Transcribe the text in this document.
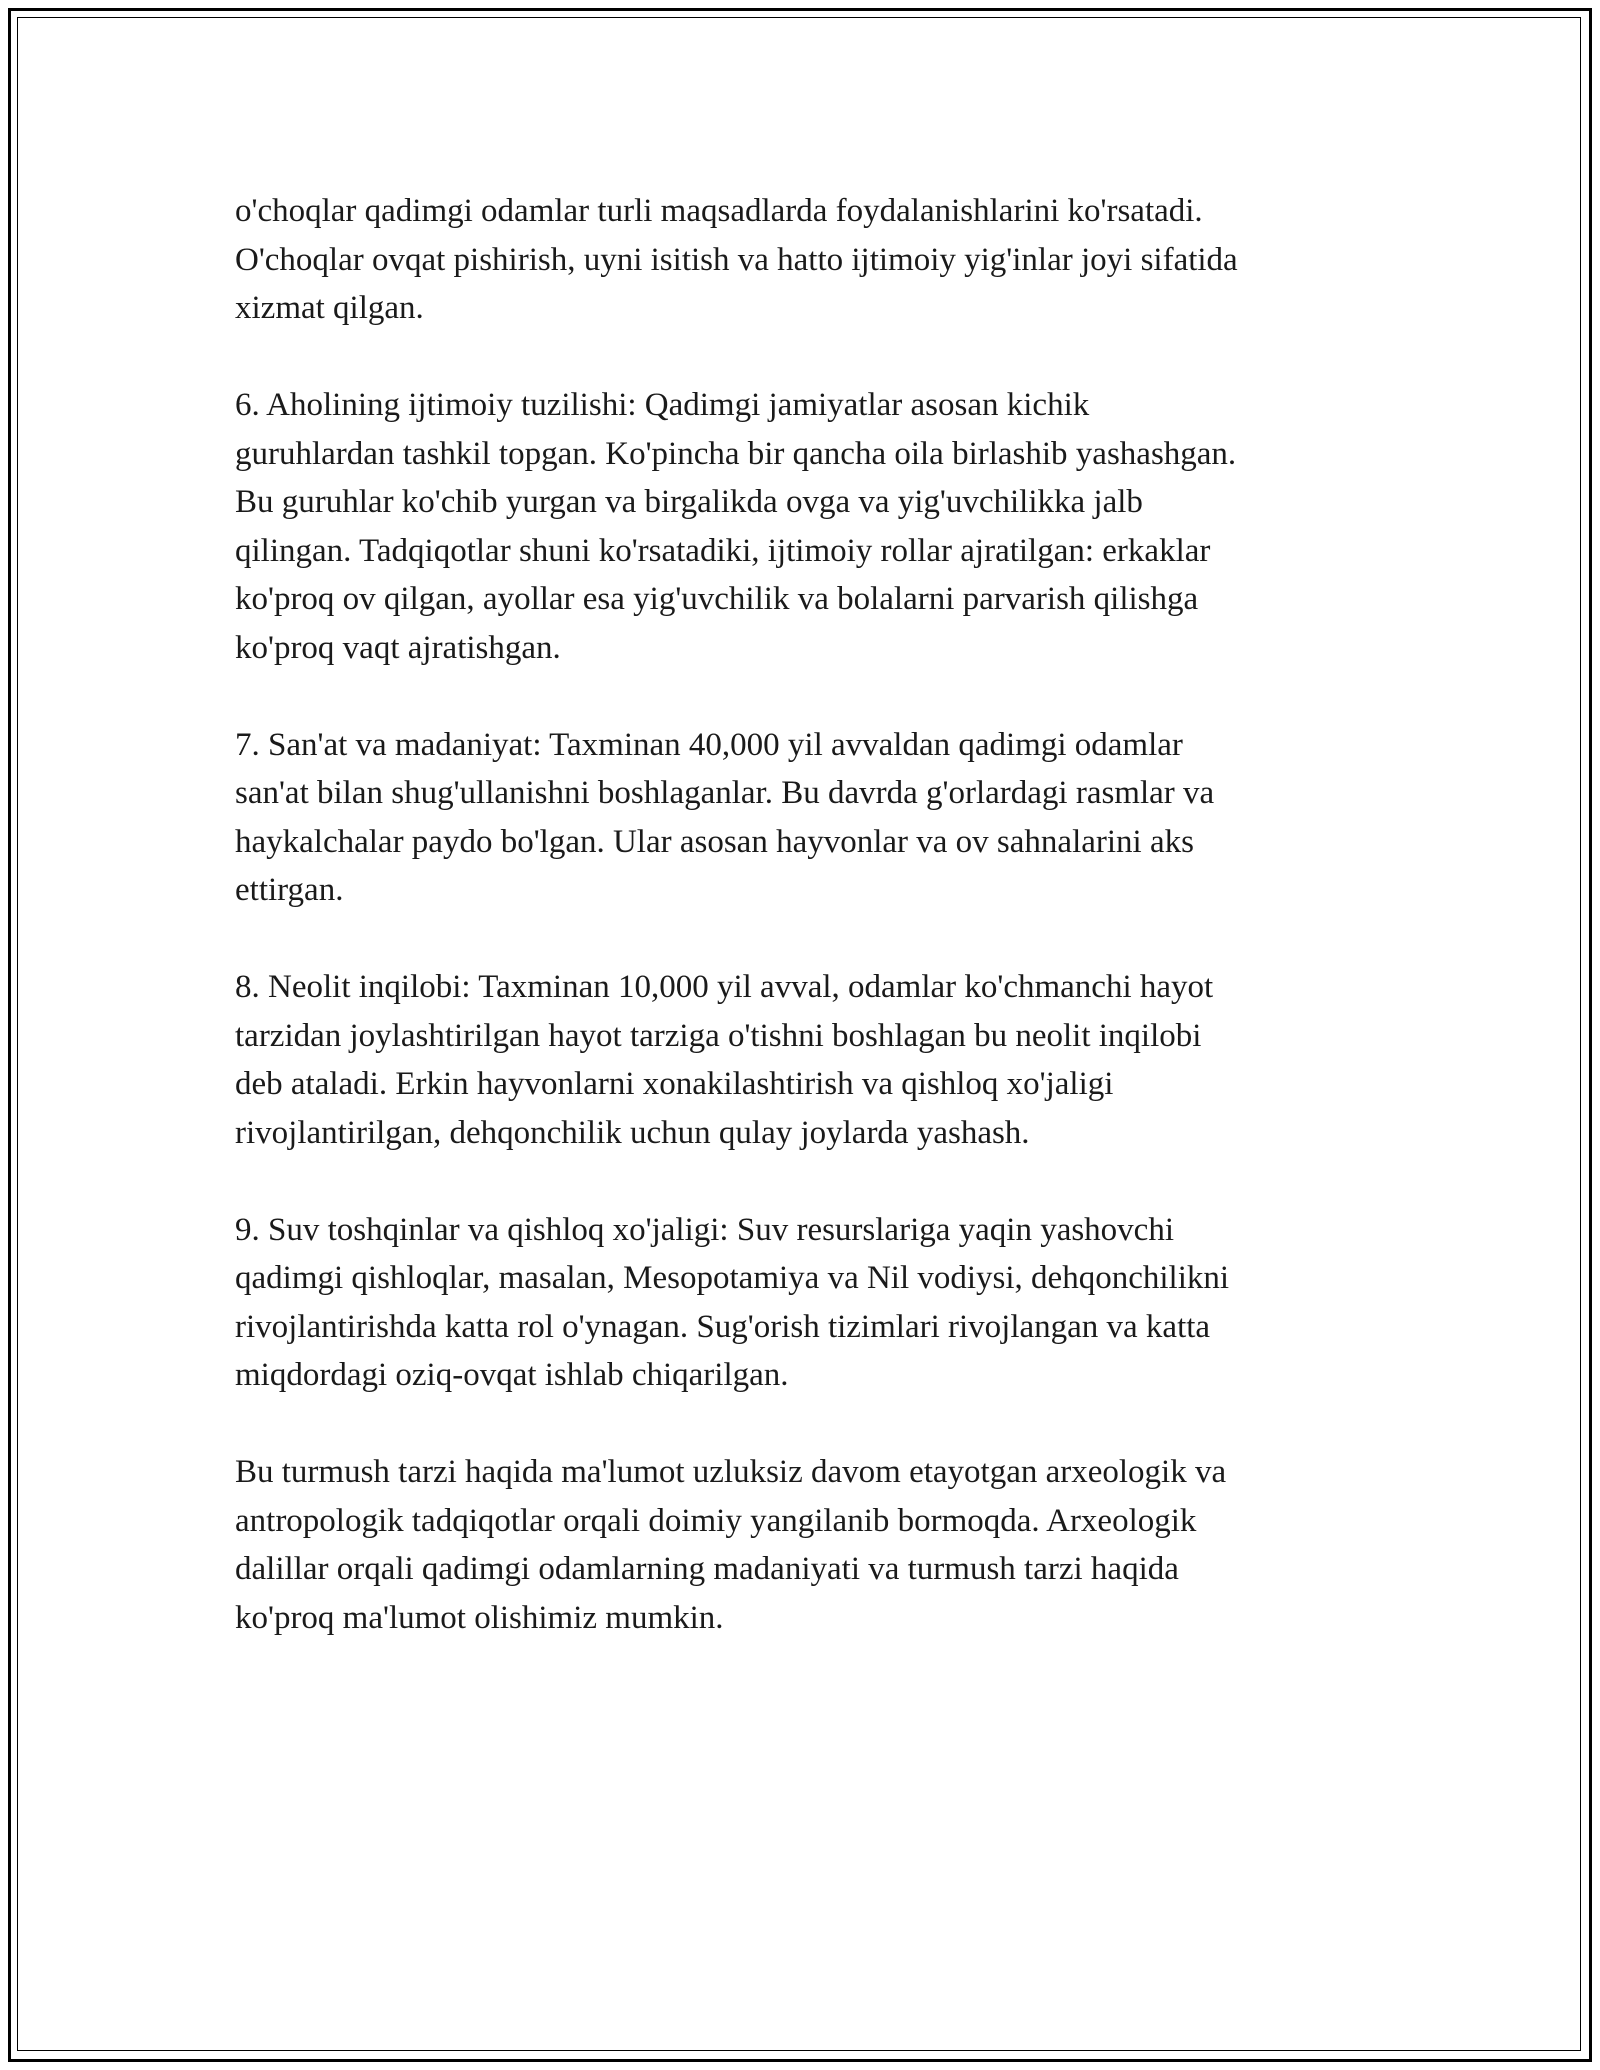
o'choqlar qadimgi odamlar turli maqsadlarda foydalanishlarini ko'rsatadi.
O'choqlar ovqat pishirish, uyni isitish va hatto ijtimoiy yig'inlar joyi sifatida
xizmat qilgan.

6. Aholining ijtimoiy tuzilishi: Qadimgi jamiyatlar asosan kichik
guruhlardan tashkil topgan. Ko'pincha bir qancha oila birlashib yashashgan.
Bu guruhlar ko'chib yurgan va birgalikda ovga va yig'uvchilikka jalb
qilingan. Tadqiqotlar shuni ko'rsatadiki, ijtimoiy rollar ajratilgan: erkaklar
ko'proq ov qilgan, ayollar esa yig'uvchilik va bolalarni parvarish qilishga
ko'proq vaqt ajratishgan.

7. San'at va madaniyat: Taxminan 40,000 yil avvaldan qadimgi odamlar
san'at bilan shug'ullanishni boshlaganlar. Bu davrda g'orlardagi rasmlar va
haykalchalar paydo bo'lgan. Ular asosan hayvonlar va ov sahnalarini aks
ettirgan.

8. Neolit inqilobi: Taxminan 10,000 yil avval, odamlar ko'chmanchi hayot
tarzidan joylashtirilgan hayot tarziga o'tishni boshlagan bu neolit inqilobi
deb ataladi. Erkin hayvonlarni xonakilashtirish va qishloq xo'jaligi
rivojlantirilgan, dehqonchilik uchun qulay joylarda yashash.

9. Suv toshqinlar va qishloq xo'jaligi: Suv resurslariga yaqin yashovchi
qadimgi qishloqlar, masalan, Mesopotamiya va Nil vodiysi, dehqonchilikni
rivojlantirishda katta rol o'ynagan. Sug'orish tizimlari rivojlangan va katta
miqdordagi oziq-ovqat ishlab chiqarilgan.

Bu turmush tarzi haqida ma'lumot uzluksiz davom etayotgan arxeologik va
antropologik tadqiqotlar orqali doimiy yangilanib bormoqda. Arxeologik
dalillar orqali qadimgi odamlarning madaniyati va turmush tarzi haqida
ko'proq ma'lumot olishimiz mumkin.
